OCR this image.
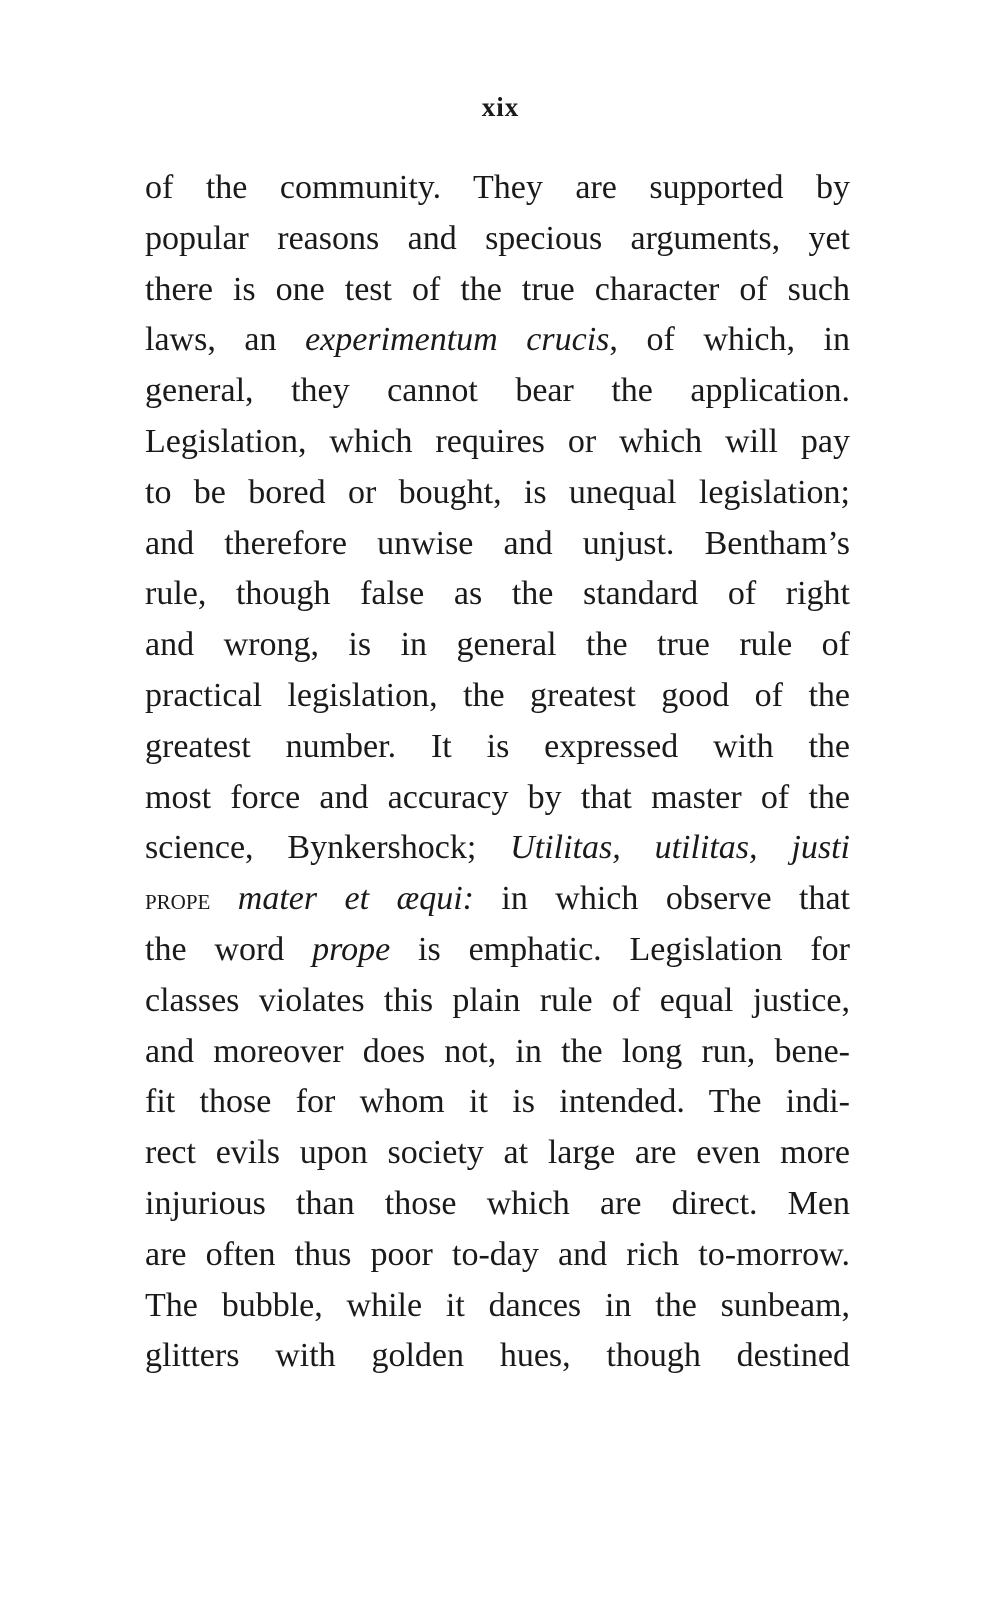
xix
of the community. They are supported by
popular reasons and specious arguments, yet
there is one test of the true character of such
laws, an experimentum crucis, of which, in
general, they cannot bear the application.
Legislation, which requires or which will pay
to be bored or bought, is unequal legislation;
and therefore unwise and unjust. Bentham’s
rule, though false as the standard of right
and wrong, is in general the true rule of
practical legislation, the greatest good of the
greatest number. It is expressed with the
most force and accuracy by that master of the
science, Bynkershock; Utilitas, utilitas, justi
prope mater et æqui: in which observe that
the word prope is emphatic. Legislation for
classes violates this plain rule of equal justice,
and moreover does not, in the long run, bene-
fit those for whom it is intended. The indi-
rect evils upon society at large are even more
injurious than those which are direct. Men
are often thus poor to-day and rich to-morrow.
The bubble, while it dances in the sunbeam,
glitters with golden hues, though destined
